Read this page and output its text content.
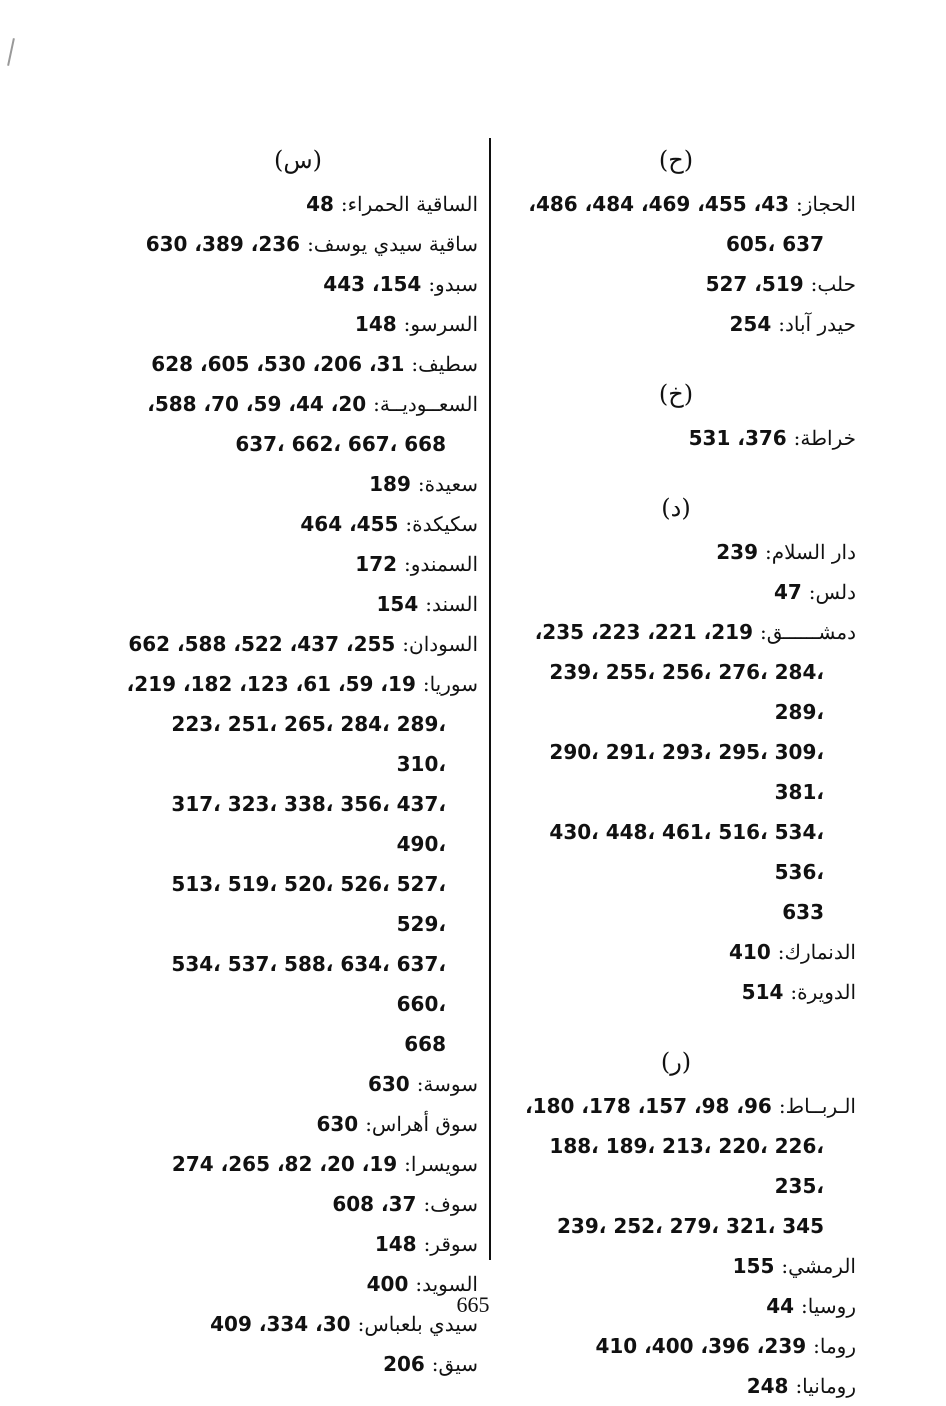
(ح)
الحجاز: 43، 455، 469، 484، 486،
605، 637
حلب: 519، 527
حيدر آباد: 254
(خ)
خراطة: 376، 531
(د)
دار السلام: 239
دلس: 47
دمشــــــق: 219، 221، 223، 235،
239، 255، 256، 276، 284، 289،
290، 291، 293، 295، 309، 381،
430، 448، 461، 516، 534، 536،
633
الدنمارك: 410
الدويرة: 514
(ر)
الـربــاط: 96، 98، 157، 178، 180،
188، 189، 213، 220، 226، 235،
239، 252، 279، 321، 345
الرمشي: 155
روسيا: 44
روما: 239، 396، 400، 410
رومانيا: 248
(س)
الساقية الحمراء: 48
ساقية سيدي يوسف: 236، 389، 630
سبدو: 154، 443
السرسو: 148
سطيف: 31، 206، 530، 605، 628
السعــوديــة: 20، 44، 59، 70، 588،
637، 662، 667، 668
سعيدة: 189
سكيكدة: 455، 464
السمندو: 172
السند: 154
السودان: 255، 437، 522، 588، 662
سوريا: 19، 59، 61، 123، 182، 219،
223، 251، 265، 284، 289، 310،
317، 323، 338، 356، 437، 490،
513، 519، 520، 526، 527، 529،
534، 537، 588، 634، 637، 660،
668
سوسة: 630
سوق أهراس: 630
سويسرا: 19، 20، 82، 265، 274
سوف: 37، 608
سوقر: 148
السويد: 400
سيدي بلعباس: 30، 334، 409
سيق: 206
665
